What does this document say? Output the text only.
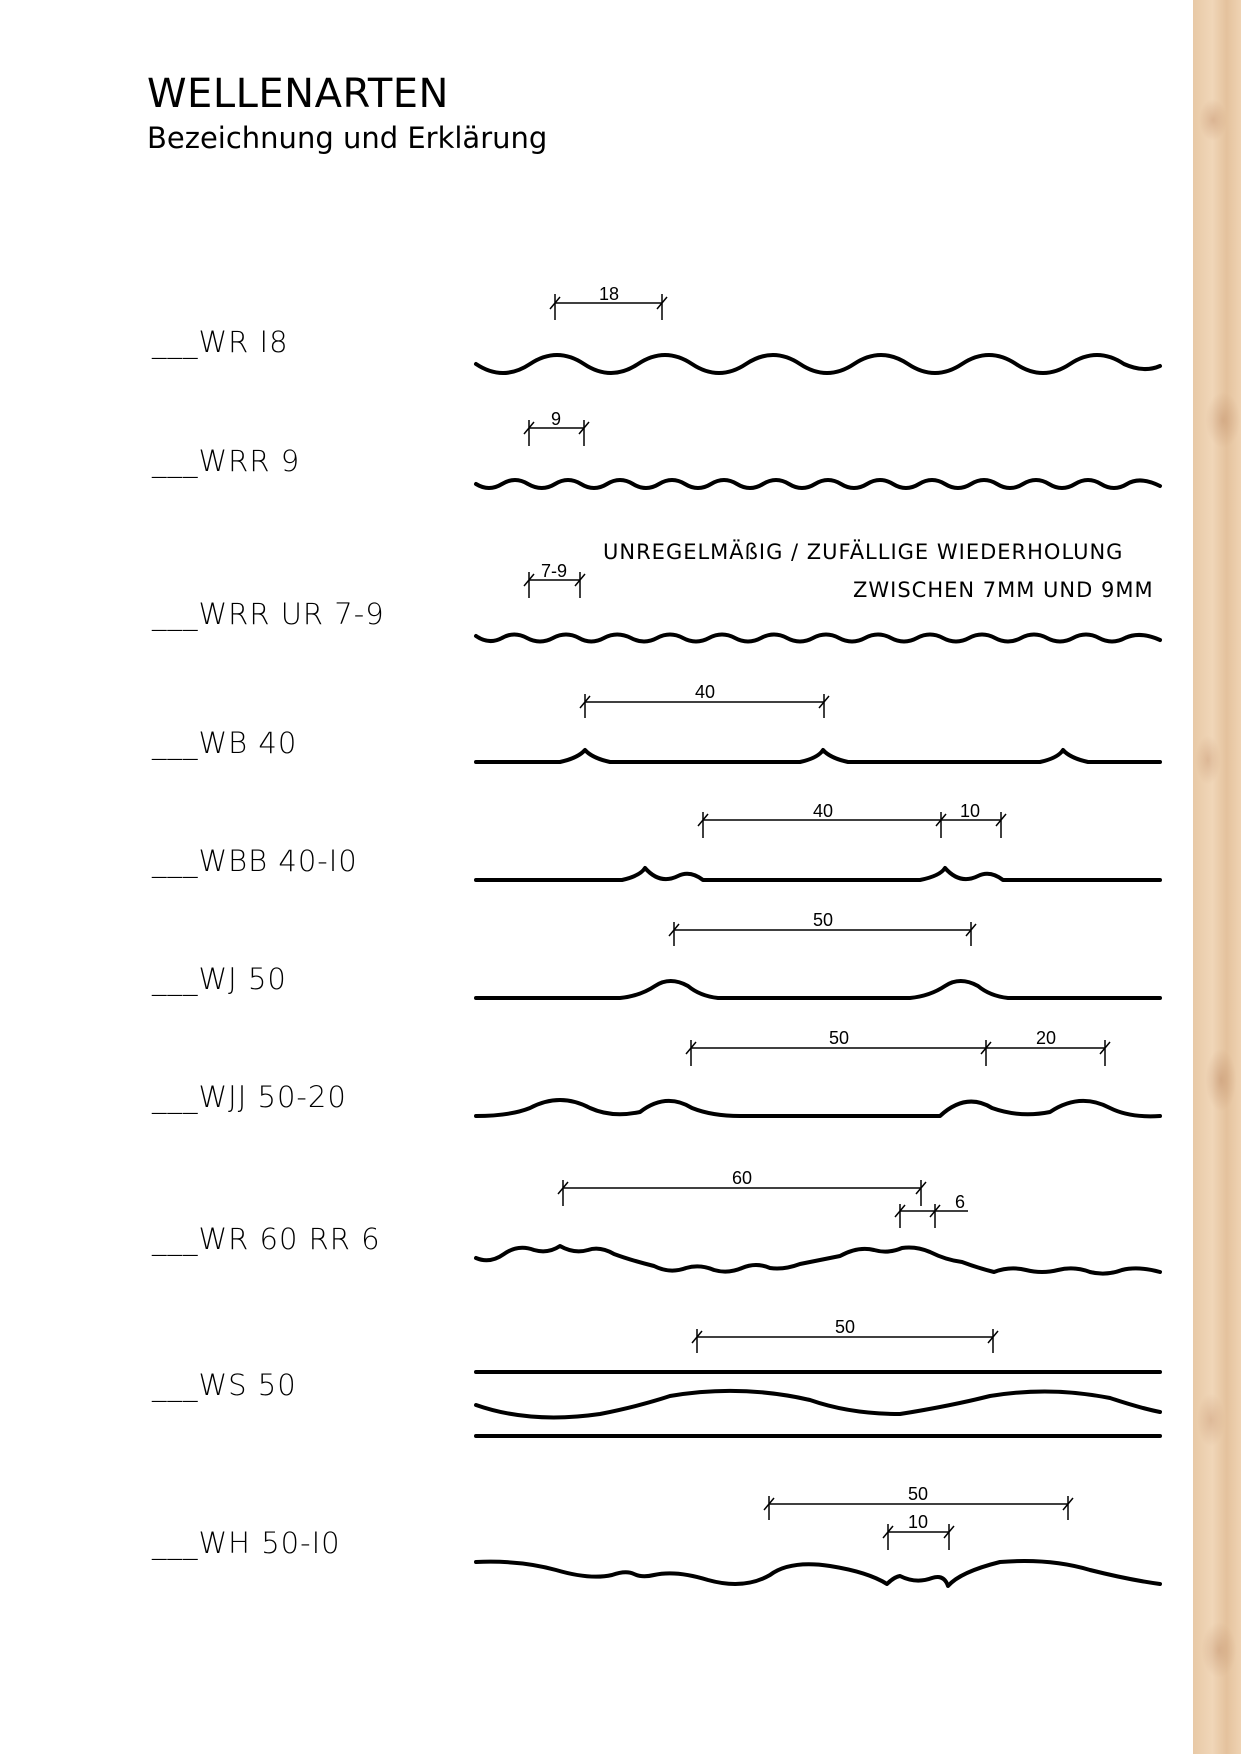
WELLENARTEN
Bezeichnung und Erklärung
___WR I8
___WRR 9
___WRR UR 7-9
___WB 40
___WBB 40-I0
___WJ 50
___WJJ 50-20
___WR 60 RR 6
___WS 50
___WH 50-I0
UNREGELMÄßIG / ZUFÄLLIGE WIEDERHOLUNG
ZWISCHEN 7MM UND 9MM
18
9
7-9
40
40	10
50
50	20
60
6
50
50
10
